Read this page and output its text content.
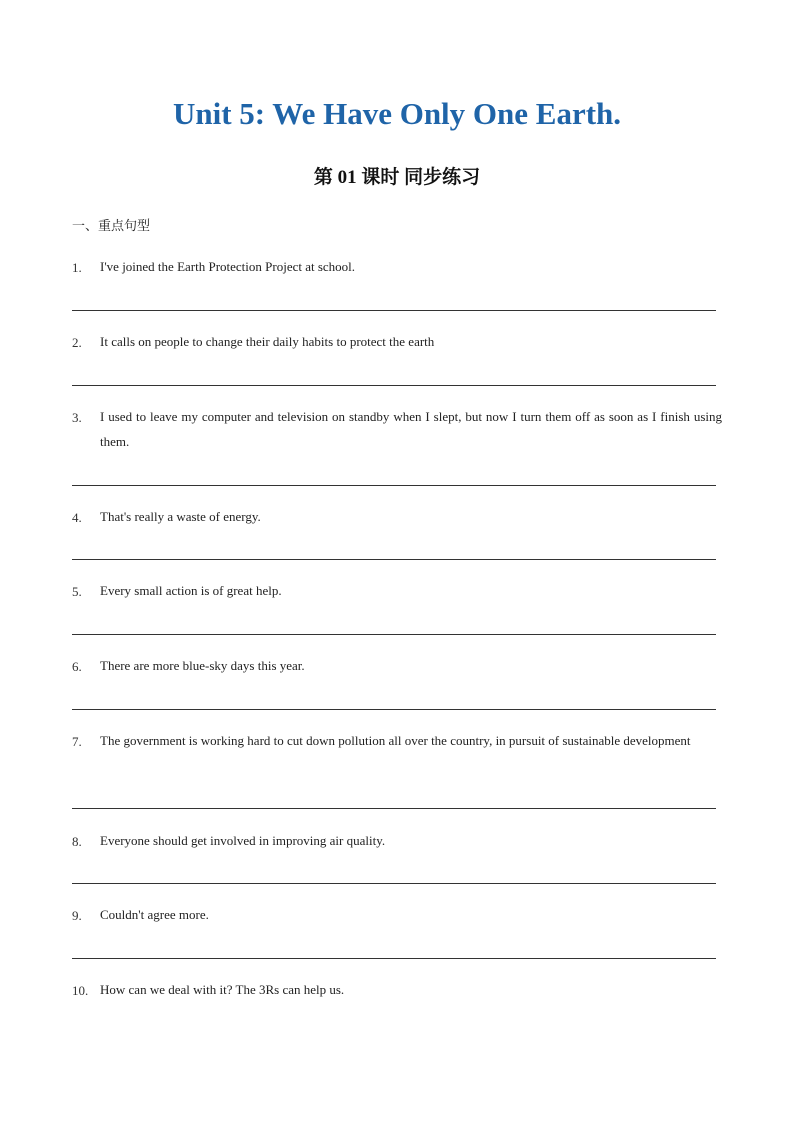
Unit 5: We Have Only One Earth.
第 01 课时 同步练习
一、重点句型
1.	I've joined the Earth Protection Project at school.
2.	It calls on people to change their daily habits to protect the earth
3.	I used to leave my computer and television on standby when I slept, but now I turn them off as soon as I finish using them.
4.	That's really a waste of energy.
5.	Every small action is of great help.
6.	There are more blue-sky days this year.
7.	The government is working hard to cut down pollution all over the country, in pursuit of sustainable development
8.	Everyone should get involved in improving air quality.
9.	Couldn't agree more.
10. How can we deal with it? The 3Rs can help us.
